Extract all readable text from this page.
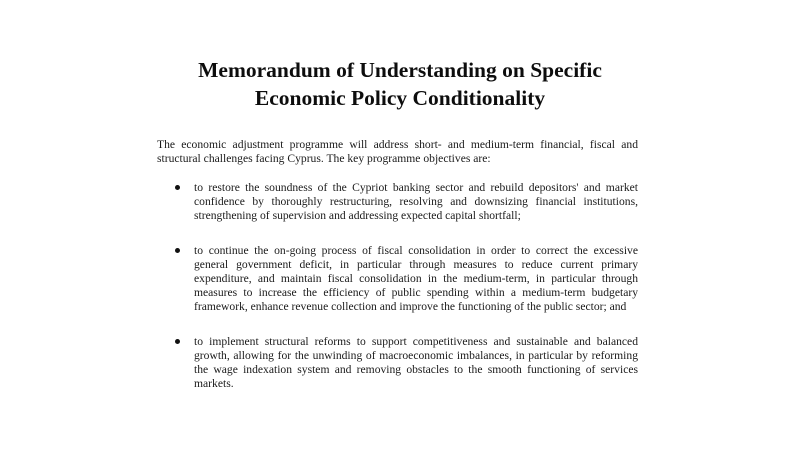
Memorandum of Understanding on Specific
Economic Policy Conditionality

The economic adjustment programme will address short- and medium-term financial, fiscal and structural challenges facing Cyprus. The key programme objectives are:

to restore the soundness of the Cypriot banking sector and rebuild depositors' and market confidence by thoroughly restructuring, resolving and downsizing financial institutions, strengthening of supervision and addressing expected capital shortfall;
to continue the on-going process of fiscal consolidation in order to correct the excessive general government deficit, in particular through measures to reduce current primary expenditure, and maintain fiscal consolidation in the medium-term, in particular through measures to increase the efficiency of public spending within a medium-term budgetary framework, enhance revenue collection and improve the functioning of the public sector; and
to implement structural reforms to support competitiveness and sustainable and balanced growth, allowing for the unwinding of macroeconomic imbalances, in particular by reforming the wage indexation system and removing obstacles to the smooth functioning of services markets.
